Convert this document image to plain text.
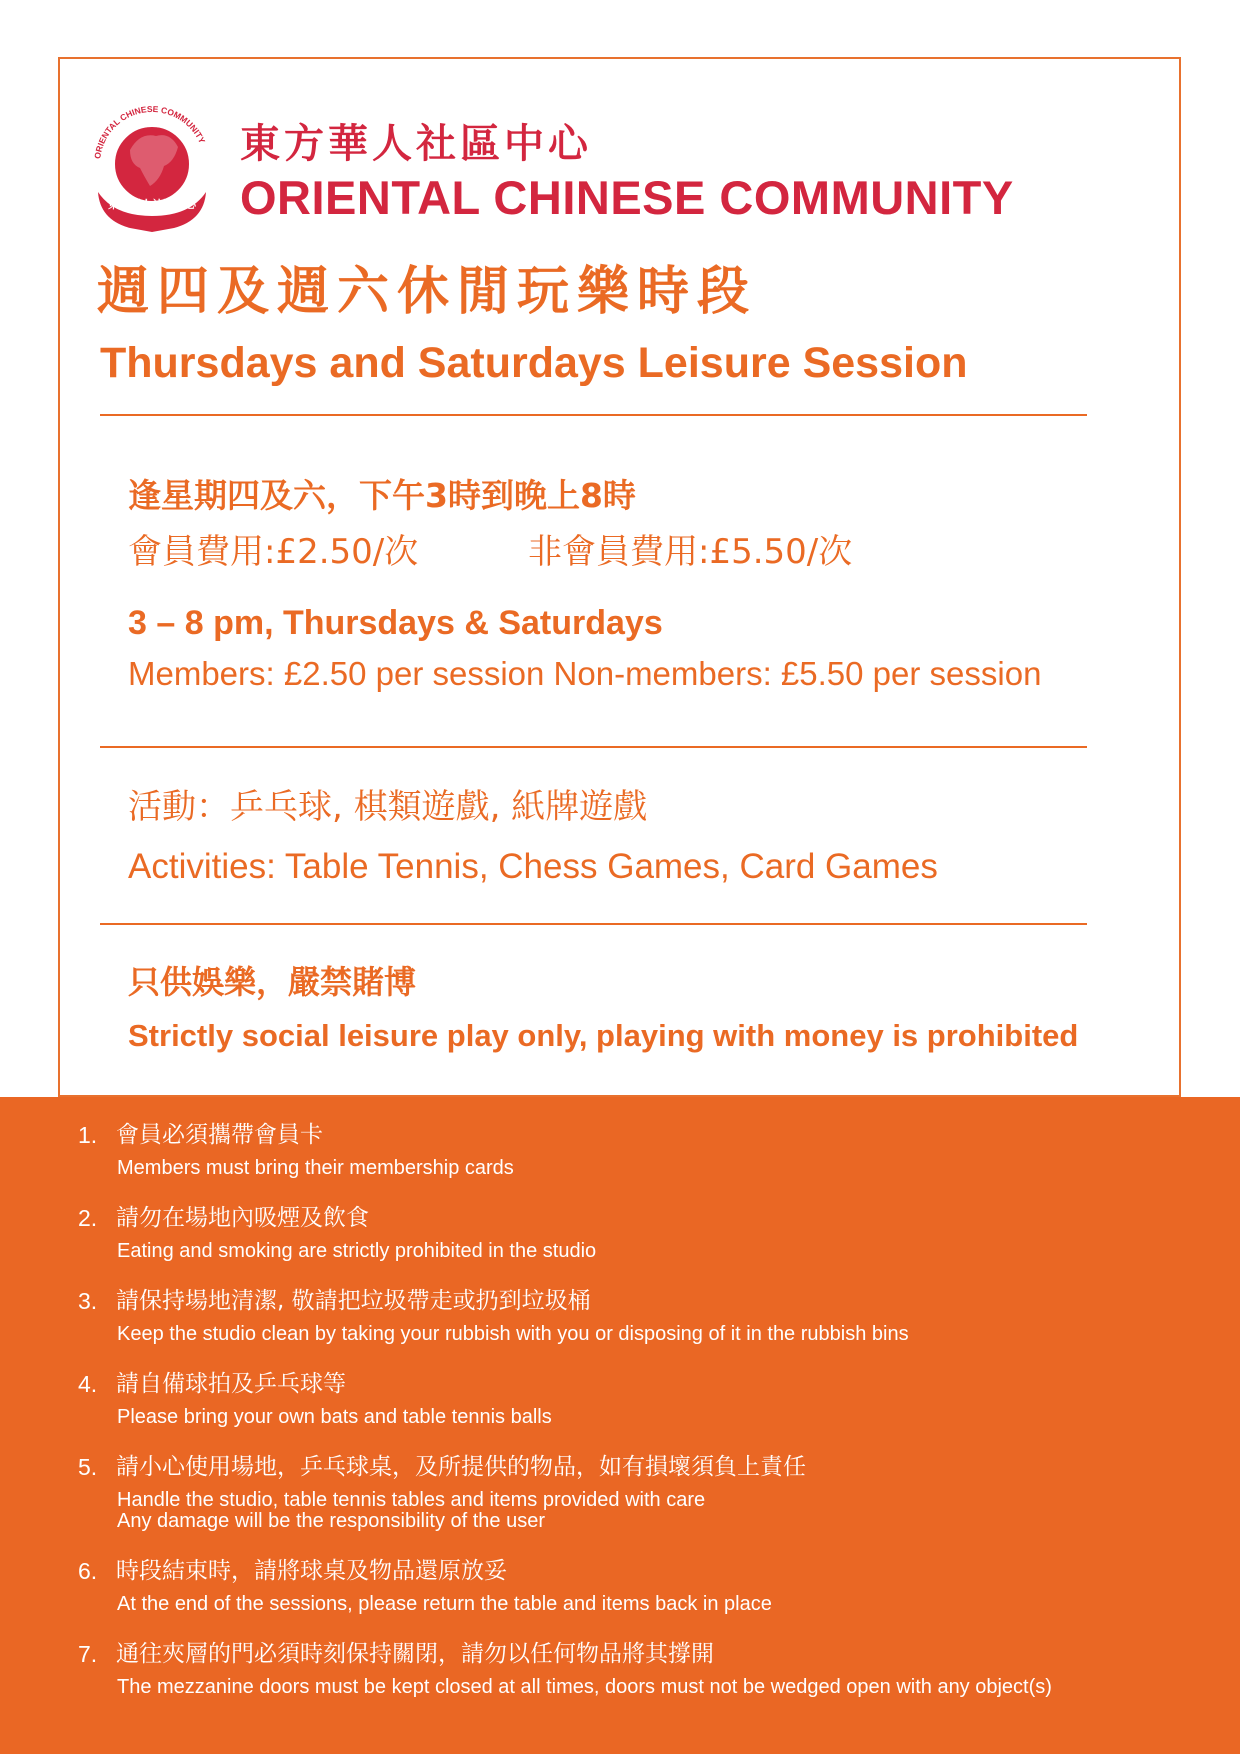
ORIENTAL CHINESE COMMUNITY
東方華人社區中心
東方華人社區中心
ORIENTAL CHINESE COMMUNITY
週四及週六休閒玩樂時段
Thursdays and Saturdays Leisure Session
逢星期四及六，下午3時到晚上8時
會員費用:£2.50/次	非會員費用:£5.50/次
3 – 8 pm, Thursdays & Saturdays
Members: £2.50 per session Non-members: £5.50 per session
活動：乒乓球, 棋類遊戲, 紙牌遊戲
Activities: Table Tennis, Chess Games, Card Games
只供娛樂，嚴禁賭博
Strictly social leisure play only, playing with money is prohibited
1. 會員必須攜帶會員卡
Members must bring their membership cards
2. 請勿在場地內吸煙及飲食
Eating and smoking are strictly prohibited in the studio
3. 請保持場地清潔, 敬請把垃圾帶走或扔到垃圾桶
Keep the studio clean by taking your rubbish with you or disposing of it in the rubbish bins
4. 請自備球拍及乒乓球等
Please bring your own bats and table tennis balls
5. 請小心使用場地，乒乓球桌，及所提供的物品，如有損壞須負上責任
Handle the studio, table tennis tables and items provided with care
Any damage will be the responsibility of the user
6. 時段結束時，請將球桌及物品還原放妥
At the end of the sessions, please return the table and items back in place
7. 通往夾層的門必須時刻保持關閉，請勿以任何物品將其撐開
The mezzanine doors must be kept closed at all times, doors must not be wedged open with any object(s)
